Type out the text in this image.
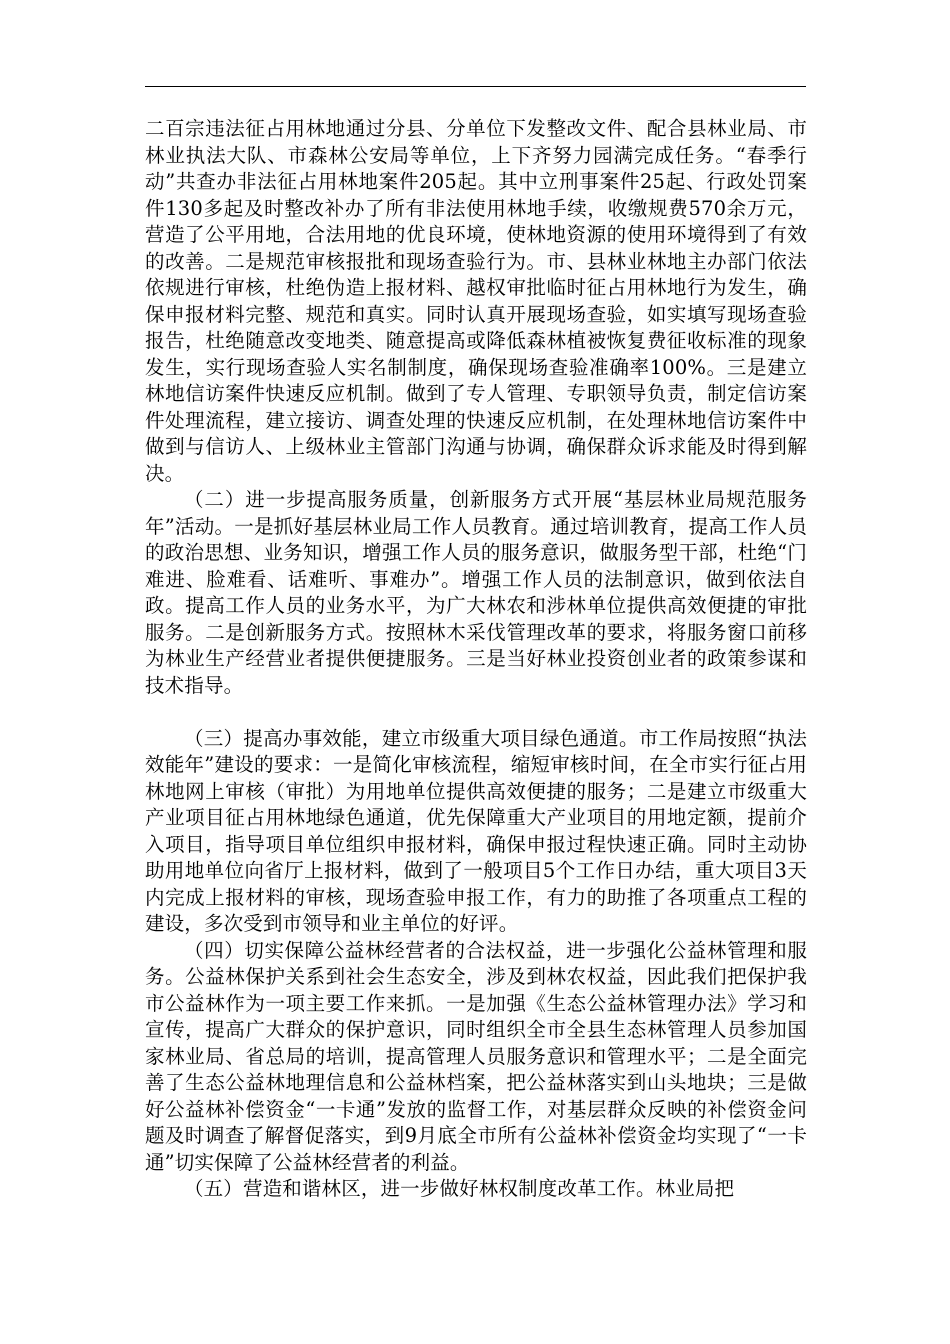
二百宗违法征占用林地通过分县、分单位下发整改文件、配合县林业局、市林业执法大队、市森林公安局等单位，上下齐努力园满完成任务。“春季行动”共查办非法征占用林地案件205起。其中立刑事案件25起、行政处罚案件130多起及时整改补办了所有非法使用林地手续，收缴规费570余万元，营造了公平用地，合法用地的优良环境，使林地资源的使用环境得到了有效的改善。二是规范审核报批和现场查验行为。市、县林业林地主办部门依法依规进行审核，杜绝伪造上报材料、越权审批临时征占用林地行为发生，确保申报材料完整、规范和真实。同时认真开展现场查验，如实填写现场查验报告，杜绝随意改变地类、随意提高或降低森林植被恢复费征收标准的现象发生，实行现场查验人实名制制度，确保现场查验准确率100%。三是建立林地信访案件快速反应机制。做到了专人管理、专职领导负责，制定信访案件处理流程，建立接访、调查处理的快速反应机制，在处理林地信访案件中做到与信访人、上级林业主管部门沟通与协调，确保群众诉求能及时得到解决。

（二）进一步提高服务质量，创新服务方式开展“基层林业局规范服务年”活动。一是抓好基层林业局工作人员教育。通过培训教育，提高工作人员的政治思想、业务知识，增强工作人员的服务意识，做服务型干部，杜绝“门难进、脸难看、话难听、事难办”。增强工作人员的法制意识，做到依法自政。提高工作人员的业务水平，为广大林农和涉林单位提供高效便捷的审批服务。二是创新服务方式。按照林木采伐管理改革的要求，将服务窗口前移为林业生产经营业者提供便捷服务。三是当好林业投资创业者的政策参谋和技术指导。

（三）提高办事效能，建立市级重大项目绿色通道。市工作局按照“执法效能年”建设的要求：一是简化审核流程，缩短审核时间，在全市实行征占用林地网上审核（审批）为用地单位提供高效便捷的服务；二是建立市级重大产业项目征占用林地绿色通道，优先保障重大产业项目的用地定额，提前介入项目，指导项目单位组织申报材料，确保申报过程快速正确。同时主动协助用地单位向省厅上报材料，做到了一般项目5个工作日办结，重大项目3天内完成上报材料的审核，现场查验申报工作，有力的助推了各项重点工程的建设，多次受到市领导和业主单位的好评。

（四）切实保障公益林经营者的合法权益，进一步强化公益林管理和服务。公益林保护关系到社会生态安全，涉及到林农权益，因此我们把保护我市公益林作为一项主要工作来抓。一是加强《生态公益林管理办法》学习和宣传，提高广大群众的保护意识，同时组织全市全县生态林管理人员参加国家林业局、省总局的培训，提高管理人员服务意识和管理水平；二是全面完善了生态公益林地理信息和公益林档案，把公益林落实到山头地块；三是做好公益林补偿资金“一卡通”发放的监督工作，对基层群众反映的补偿资金问题及时调查了解督促落实，到9月底全市所有公益林补偿资金均实现了“一卡通”切实保障了公益林经营者的利益。

（五）营造和谐林区，进一步做好林权制度改革工作。林业局把
